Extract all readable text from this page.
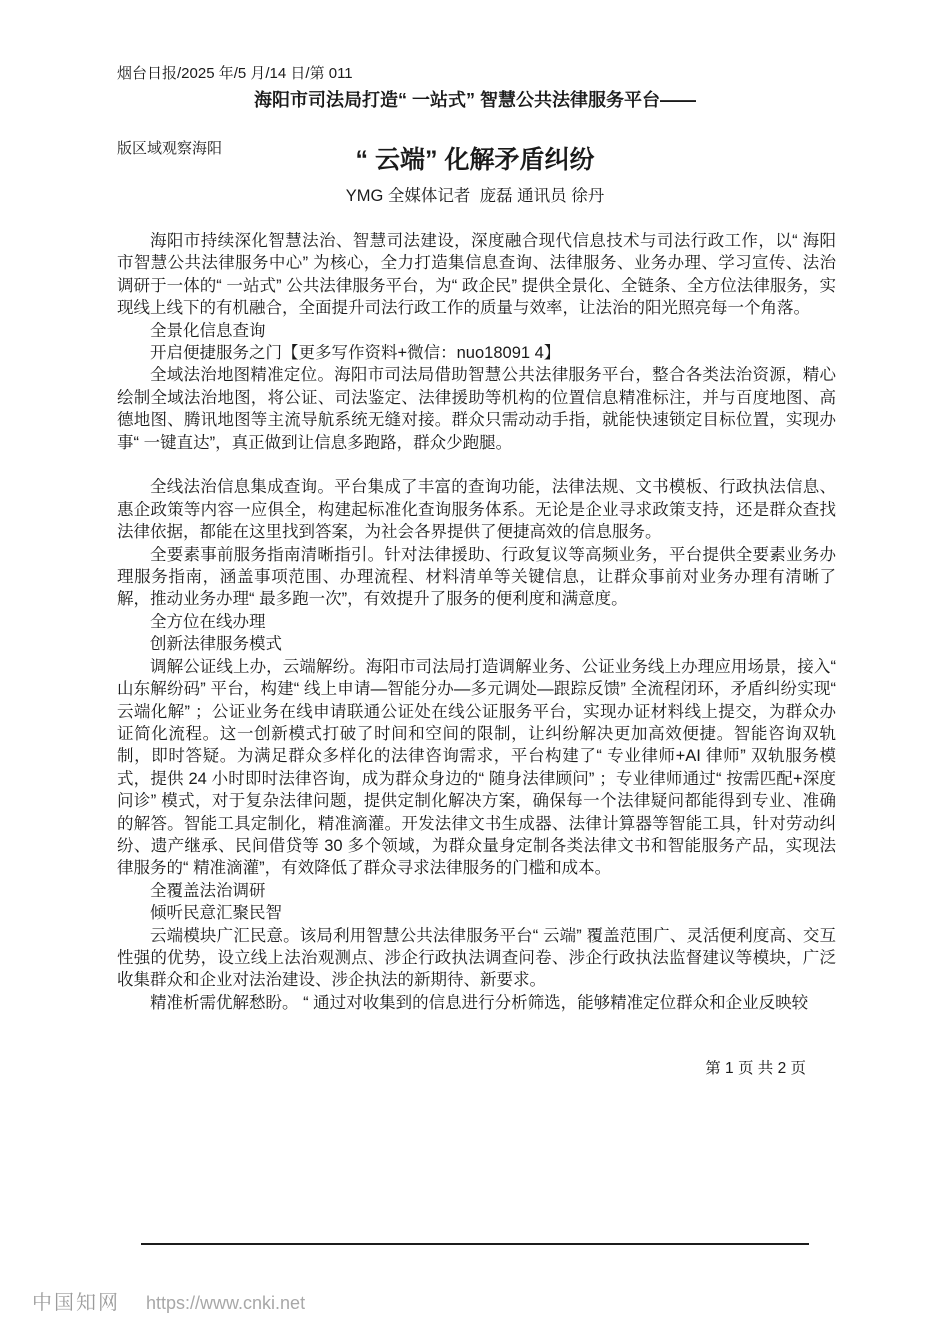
烟台日报/2025 年/5 月/14 日/第 011

版区域观察海阳

海阳市司法局打造“ 一站式” 智慧公共法律服务平台——
“ 云端” 化解矛盾纠纷
YMG 全媒体记者  庞磊 通讯员 徐丹

海阳市持续深化智慧法治、智慧司法建设，深度融合现代信息技术与司法行政工作，以“ 海阳市智慧公共法律服务中心” 为核心，全力打造集信息查询、法律服务、业务办理、学习宣传、法治调研于一体的“ 一站式” 公共法律服务平台，为“ 政企民” 提供全景化、全链条、全方位法律服务，实现线上线下的有机融合，全面提升司法行政工作的质量与效率，让法治的阳光照亮每一个角落。

全景化信息查询

开启便捷服务之门【更多写作资料+微信：nuo18091 4】

全域法治地图精准定位。海阳市司法局借助智慧公共法律服务平台，整合各类法治资源，精心绘制全域法治地图，将公证、司法鉴定、法律援助等机构的位置信息精准标注，并与百度地图、高德地图、腾讯地图等主流导航系统无缝对接。群众只需动动手指，就能快速锁定目标位置，实现办事“ 一键直达”，真正做到让信息多跑路，群众少跑腿。

全线法治信息集成查询。平台集成了丰富的查询功能，法律法规、文书模板、行政执法信息、惠企政策等内容一应俱全，构建起标准化查询服务体系。无论是企业寻求政策支持，还是群众查找法律依据，都能在这里找到答案，为社会各界提供了便捷高效的信息服务。

全要素事前服务指南清晰指引。针对法律援助、行政复议等高频业务，平台提供全要素业务办理服务指南，涵盖事项范围、办理流程、材料清单等关键信息，让群众事前对业务办理有清晰了解，推动业务办理“ 最多跑一次”，有效提升了服务的便利度和满意度。

全方位在线办理

创新法律服务模式

调解公证线上办，云端解纷。海阳市司法局打造调解业务、公证业务线上办理应用场景，接入“ 山东解纷码” 平台，构建“ 线上申请—智能分办—多元调处—跟踪反馈” 全流程闭环，矛盾纠纷实现“ 云端化解” ；公证业务在线申请联通公证处在线公证服务平台，实现办证材料线上提交，为群众办证简化流程。这一创新模式打破了时间和空间的限制，让纠纷解决更加高效便捷。智能咨询双轨制，即时答疑。为满足群众多样化的法律咨询需求，平台构建了“ 专业律师+AI 律师” 双轨服务模式，提供 24 小时即时法律咨询，成为群众身边的“ 随身法律顾问” ；专业律师通过“ 按需匹配+深度问诊” 模式，对于复杂法律问题，提供定制化解决方案，确保每一个法律疑问都能得到专业、准确的解答。智能工具定制化，精准滴灌。开发法律文书生成器、法律计算器等智能工具，针对劳动纠纷、遗产继承、民间借贷等 30 多个领域，为群众量身定制各类法律文书和智能服务产品，实现法律服务的“ 精准滴灌”，有效降低了群众寻求法律服务的门槛和成本。

全覆盖法治调研

倾听民意汇聚民智

云端模块广汇民意。该局利用智慧公共法律服务平台“ 云端” 覆盖范围广、灵活便利度高、交互性强的优势，设立线上法治观测点、涉企行政执法调查问卷、涉企行政执法监督建议等模块，广泛收集群众和企业对法治建设、涉企执法的新期待、新要求。

精准析需优解愁盼。 “ 通过对收集到的信息进行分析筛选，能够精准定位群众和企业反映较

第 1 页 共 2 页
中国知网 https://www.cnki.net
